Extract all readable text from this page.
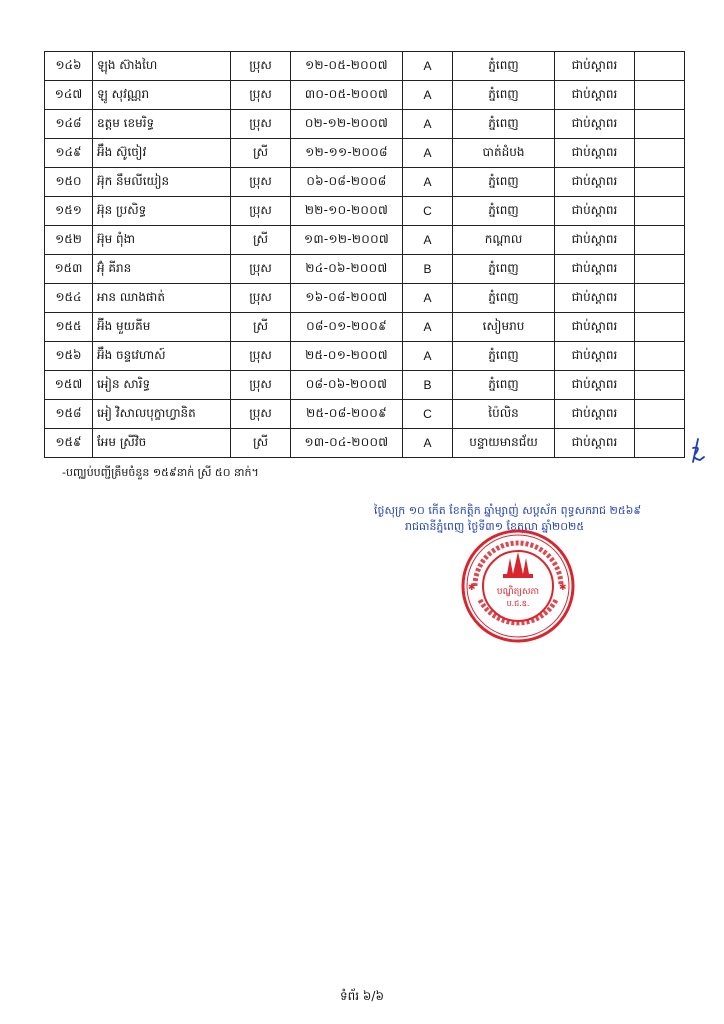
១៤៦	ឡុង ស៊ាងហៃ	ប្រុស	១២-០៥-២០០៧	A	ភ្នំពេញ	ជាប់ស្ដាពរ	
១៤៧	ឡូ សុវណ្ណរា	ប្រុស	៣០-០៥-២០០៧	A	ភ្នំពេញ	ជាប់ស្ដាពរ	
១៤៨	ឧត្តម ខេមរិទ្ធ	ប្រុស	០២-១២-២០០៧	A	ភ្នំពេញ	ជាប់ស្ដាពរ	
១៤៩	អ៊ឹង ស៊ូចៀវ	ស្រី	១២-១១-២០០៨	A	បាត់ដំបង	ជាប់ស្ដាពរ	
១៥០	អ៊ុក នឹមលីយៀន	ប្រុស	០៦-០៨-២០០៨	A	ភ្នំពេញ	ជាប់ស្ដាពរ	
១៥១	អ៊ុន ប្រសិទ្ធ	ប្រុស	២២-១០-២០០៧	C	ភ្នំពេញ	ជាប់ស្ដាពរ	
១៥២	អ៊ុម ពុំងា	ស្រី	១៣-១២-២០០៧	A	កណ្ដាល	ជាប់ស្ដាពរ	
១៥៣	អ៊ុំ គីរាន	ប្រុស	២៤-០៦-២០០៧	B	ភ្នំពេញ	ជាប់ស្ដាពរ	
១៥៤	អាន ឈាងផាត់	ប្រុស	១៦-០៨-២០០៧	A	ភ្នំពេញ	ជាប់ស្ដាពរ	
១៥៥	អ៊ីង មួយគីម	ស្រី	០៨-០១-២០០៩	A	សៀមរាប	ជាប់ស្ដាពរ	
១៥៦	អ៊ឹង ចន្ទវេហាស៍	ប្រុស	២៥-០១-២០០៧	A	ភ្នំពេញ	ជាប់ស្ដាពរ	
១៥៧	អៀន សារិទ្ធ	ប្រុស	០៨-០៦-២០០៧	B	ភ្នំពេញ	ជាប់ស្ដាពរ	
១៥៨	អៀ វិសាលបុក្ខាហ្វានិត	ប្រុស	២៥-០៨-២០០៩	C	ប៉ៃលិន	ជាប់ស្ដាពរ	
១៥៩	អែម ស្រីវិច	ស្រី	១៣-០៤-២០០៧	A	បន្ទាយមានជ័យ	ជាប់ស្ដាពរ	
-បញ្ឈប់បញ្ជីត្រឹមចំនួន ១៥៩នាក់ ស្រី ៥០ នាក់។
ថ្ងៃសុក្រ ១០ កើត ខែកត្តិក ឆ្នាំម្សាញ់ សប្តស័ក ពុទ្ធសករាជ ២៥៦៩
រាជធានីភ្នំពេញ ថ្ងៃទី៣១ ខែតុលា ឆ្នាំ២០២៥
✱	✱
បណ្ឌិត្យសភា
ប.ជ.ឧ.
ទំព័រ ៦/៦
